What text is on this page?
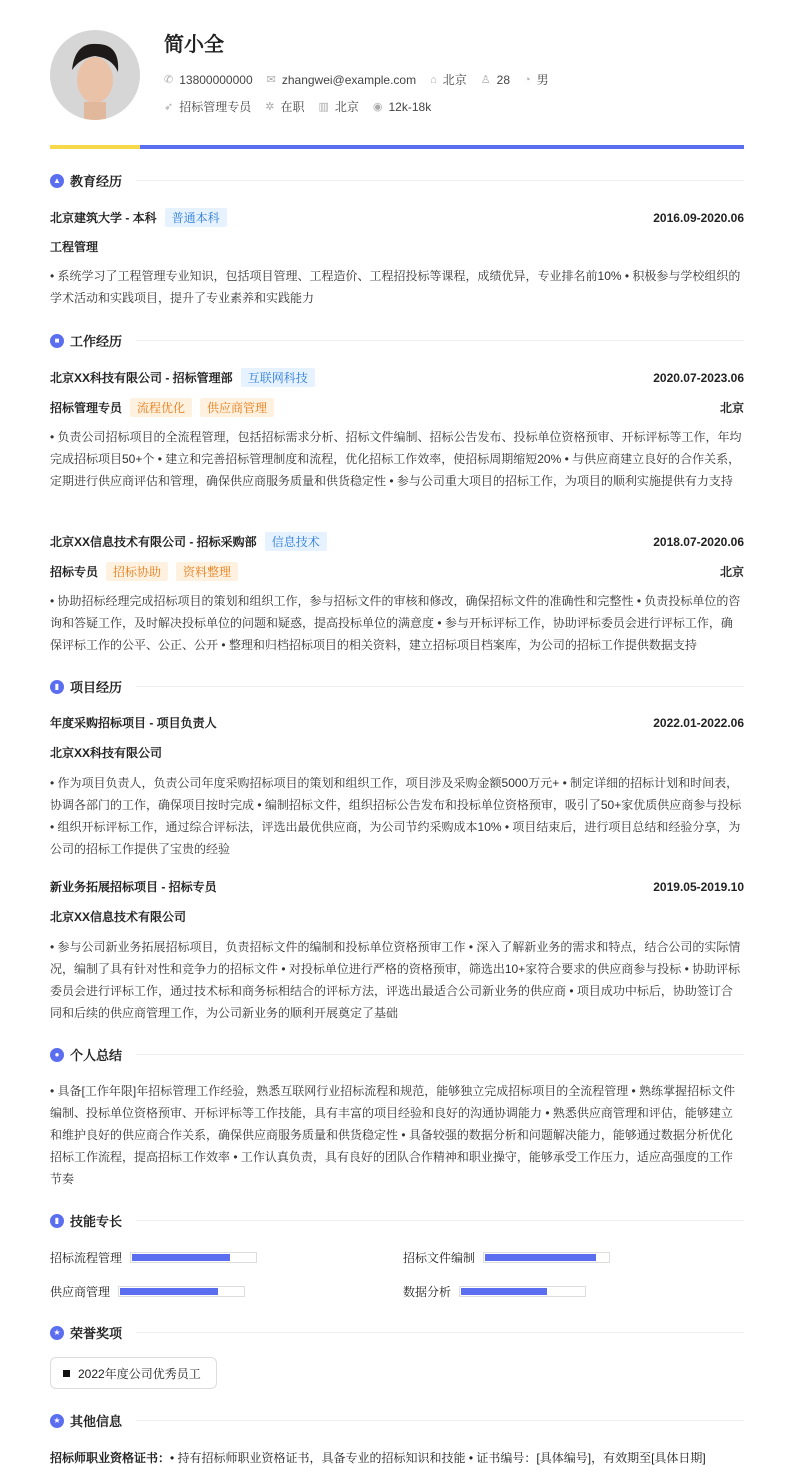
简小全
✆ 13800000000 ✉ zhangwei@example.com ⌂ 北京 ♙ 28 ◔ 男
➶ 招标管理专员 ✲ 在职 ▥ 北京 ◉ 12k-18k
▲ 教育经历
北京建筑大学 - 本科	普通本科	2016.09-2020.06
工程管理
• 系统学习了工程管理专业知识，包括项目管理、工程造价、工程招投标等课程，成绩优异，专业排名前10% • 积极参与学校组织的学术活动和实践项目，提升了专业素养和实践能力
■ 工作经历
北京XX科技有限公司 - 招标管理部	互联网科技	2020.07-2023.06
招标管理专员	流程优化	供应商管理	北京
• 负责公司招标项目的全流程管理，包括招标需求分析、招标文件编制、招标公告发布、投标单位资格预审、开标评标等工作，年均完成招标项目50+个 • 建立和完善招标管理制度和流程，优化招标工作效率，使招标周期缩短20% • 与供应商建立良好的合作关系，定期进行供应商评估和管理，确保供应商服务质量和供货稳定性 • 参与公司重大项目的招标工作，为项目的顺利实施提供有力支持
北京XX信息技术有限公司 - 招标采购部	信息技术	2018.07-2020.06
招标专员	招标协助	资料整理	北京
• 协助招标经理完成招标项目的策划和组织工作，参与招标文件的审核和修改，确保招标文件的准确性和完整性 • 负责投标单位的咨询和答疑工作，及时解决投标单位的问题和疑惑，提高投标单位的满意度 • 参与开标评标工作，协助评标委员会进行评标工作，确保评标工作的公平、公正、公开 • 整理和归档招标项目的相关资料，建立招标项目档案库，为公司的招标工作提供数据支持
▮ 项目经历
年度采购招标项目 - 项目负责人	2022.01-2022.06
北京XX科技有限公司
• 作为项目负责人，负责公司年度采购招标项目的策划和组织工作，项目涉及采购金额5000万元+ • 制定详细的招标计划和时间表，协调各部门的工作，确保项目按时完成 • 编制招标文件，组织招标公告发布和投标单位资格预审，吸引了50+家优质供应商参与投标 • 组织开标评标工作，通过综合评标法，评选出最优供应商，为公司节约采购成本10% • 项目结束后，进行项目总结和经验分享，为公司的招标工作提供了宝贵的经验
新业务拓展招标项目 - 招标专员	2019.05-2019.10
北京XX信息技术有限公司
• 参与公司新业务拓展招标项目，负责招标文件的编制和投标单位资格预审工作 • 深入了解新业务的需求和特点，结合公司的实际情况，编制了具有针对性和竞争力的招标文件 • 对投标单位进行严格的资格预审，筛选出10+家符合要求的供应商参与投标 • 协助评标委员会进行评标工作，通过技术标和商务标相结合的评标方法，评选出最适合公司新业务的供应商 • 项目成功中标后，协助签订合同和后续的供应商管理工作，为公司新业务的顺利开展奠定了基础
● 个人总结
• 具备[工作年限]年招标管理工作经验，熟悉互联网行业招标流程和规范，能够独立完成招标项目的全流程管理 • 熟练掌握招标文件编制、投标单位资格预审、开标评标等工作技能，具有丰富的项目经验和良好的沟通协调能力 • 熟悉供应商管理和评估，能够建立和维护良好的供应商合作关系，确保供应商服务质量和供货稳定性 • 具备较强的数据分析和问题解决能力，能够通过数据分析优化招标工作流程，提高招标工作效率 • 工作认真负责，具有良好的团队合作精神和职业操守，能够承受工作压力，适应高强度的工作节奏
▮ 技能专长
招标流程管理	招标文件编制
供应商管理	数据分析
★ 荣誉奖项
2022年度公司优秀员工
★ 其他信息
招标师职业资格证书： • 持有招标师职业资格证书，具备专业的招标知识和技能 • 证书编号：[具体编号]，有效期至[具体日期]
